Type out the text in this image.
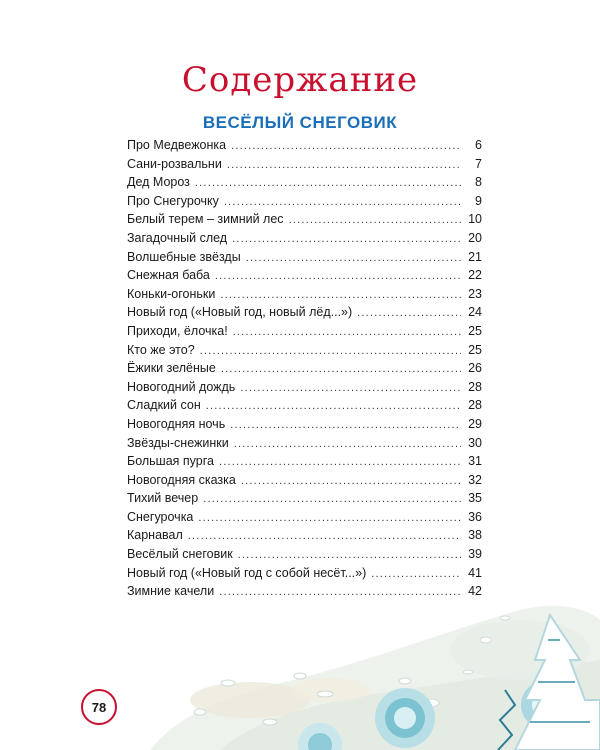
Содержание
ВЕСЁЛЫЙ СНЕГОВИК
Про Медвежонка .....	6
Сани-розвальни .....	7
Дед Мороз .....	8
Про Снегурочку .....	9
Белый терем – зимний лес .....	10
Загадочный след .....	20
Волшебные звёзды .....	21
Снежная баба .....	22
Коньки-огоньки .....	23
Новый год («Новый год, новый лёд...») .....	24
Приходи, ёлочка! .....	25
Кто же это? .....	25
Ёжики зелёные .....	26
Новогодний дождь .....	28
Сладкий сон .....	28
Новогодняя ночь .....	29
Звёзды-снежинки .....	30
Большая пурга .....	31
Новогодняя сказка .....	32
Тихий вечер .....	35
Снегурочка .....	36
Карнавал .....	38
Весёлый снеговик .....	39
Новый год («Новый год с собой несёт...») .....	41
Зимние качели .....	42
78
